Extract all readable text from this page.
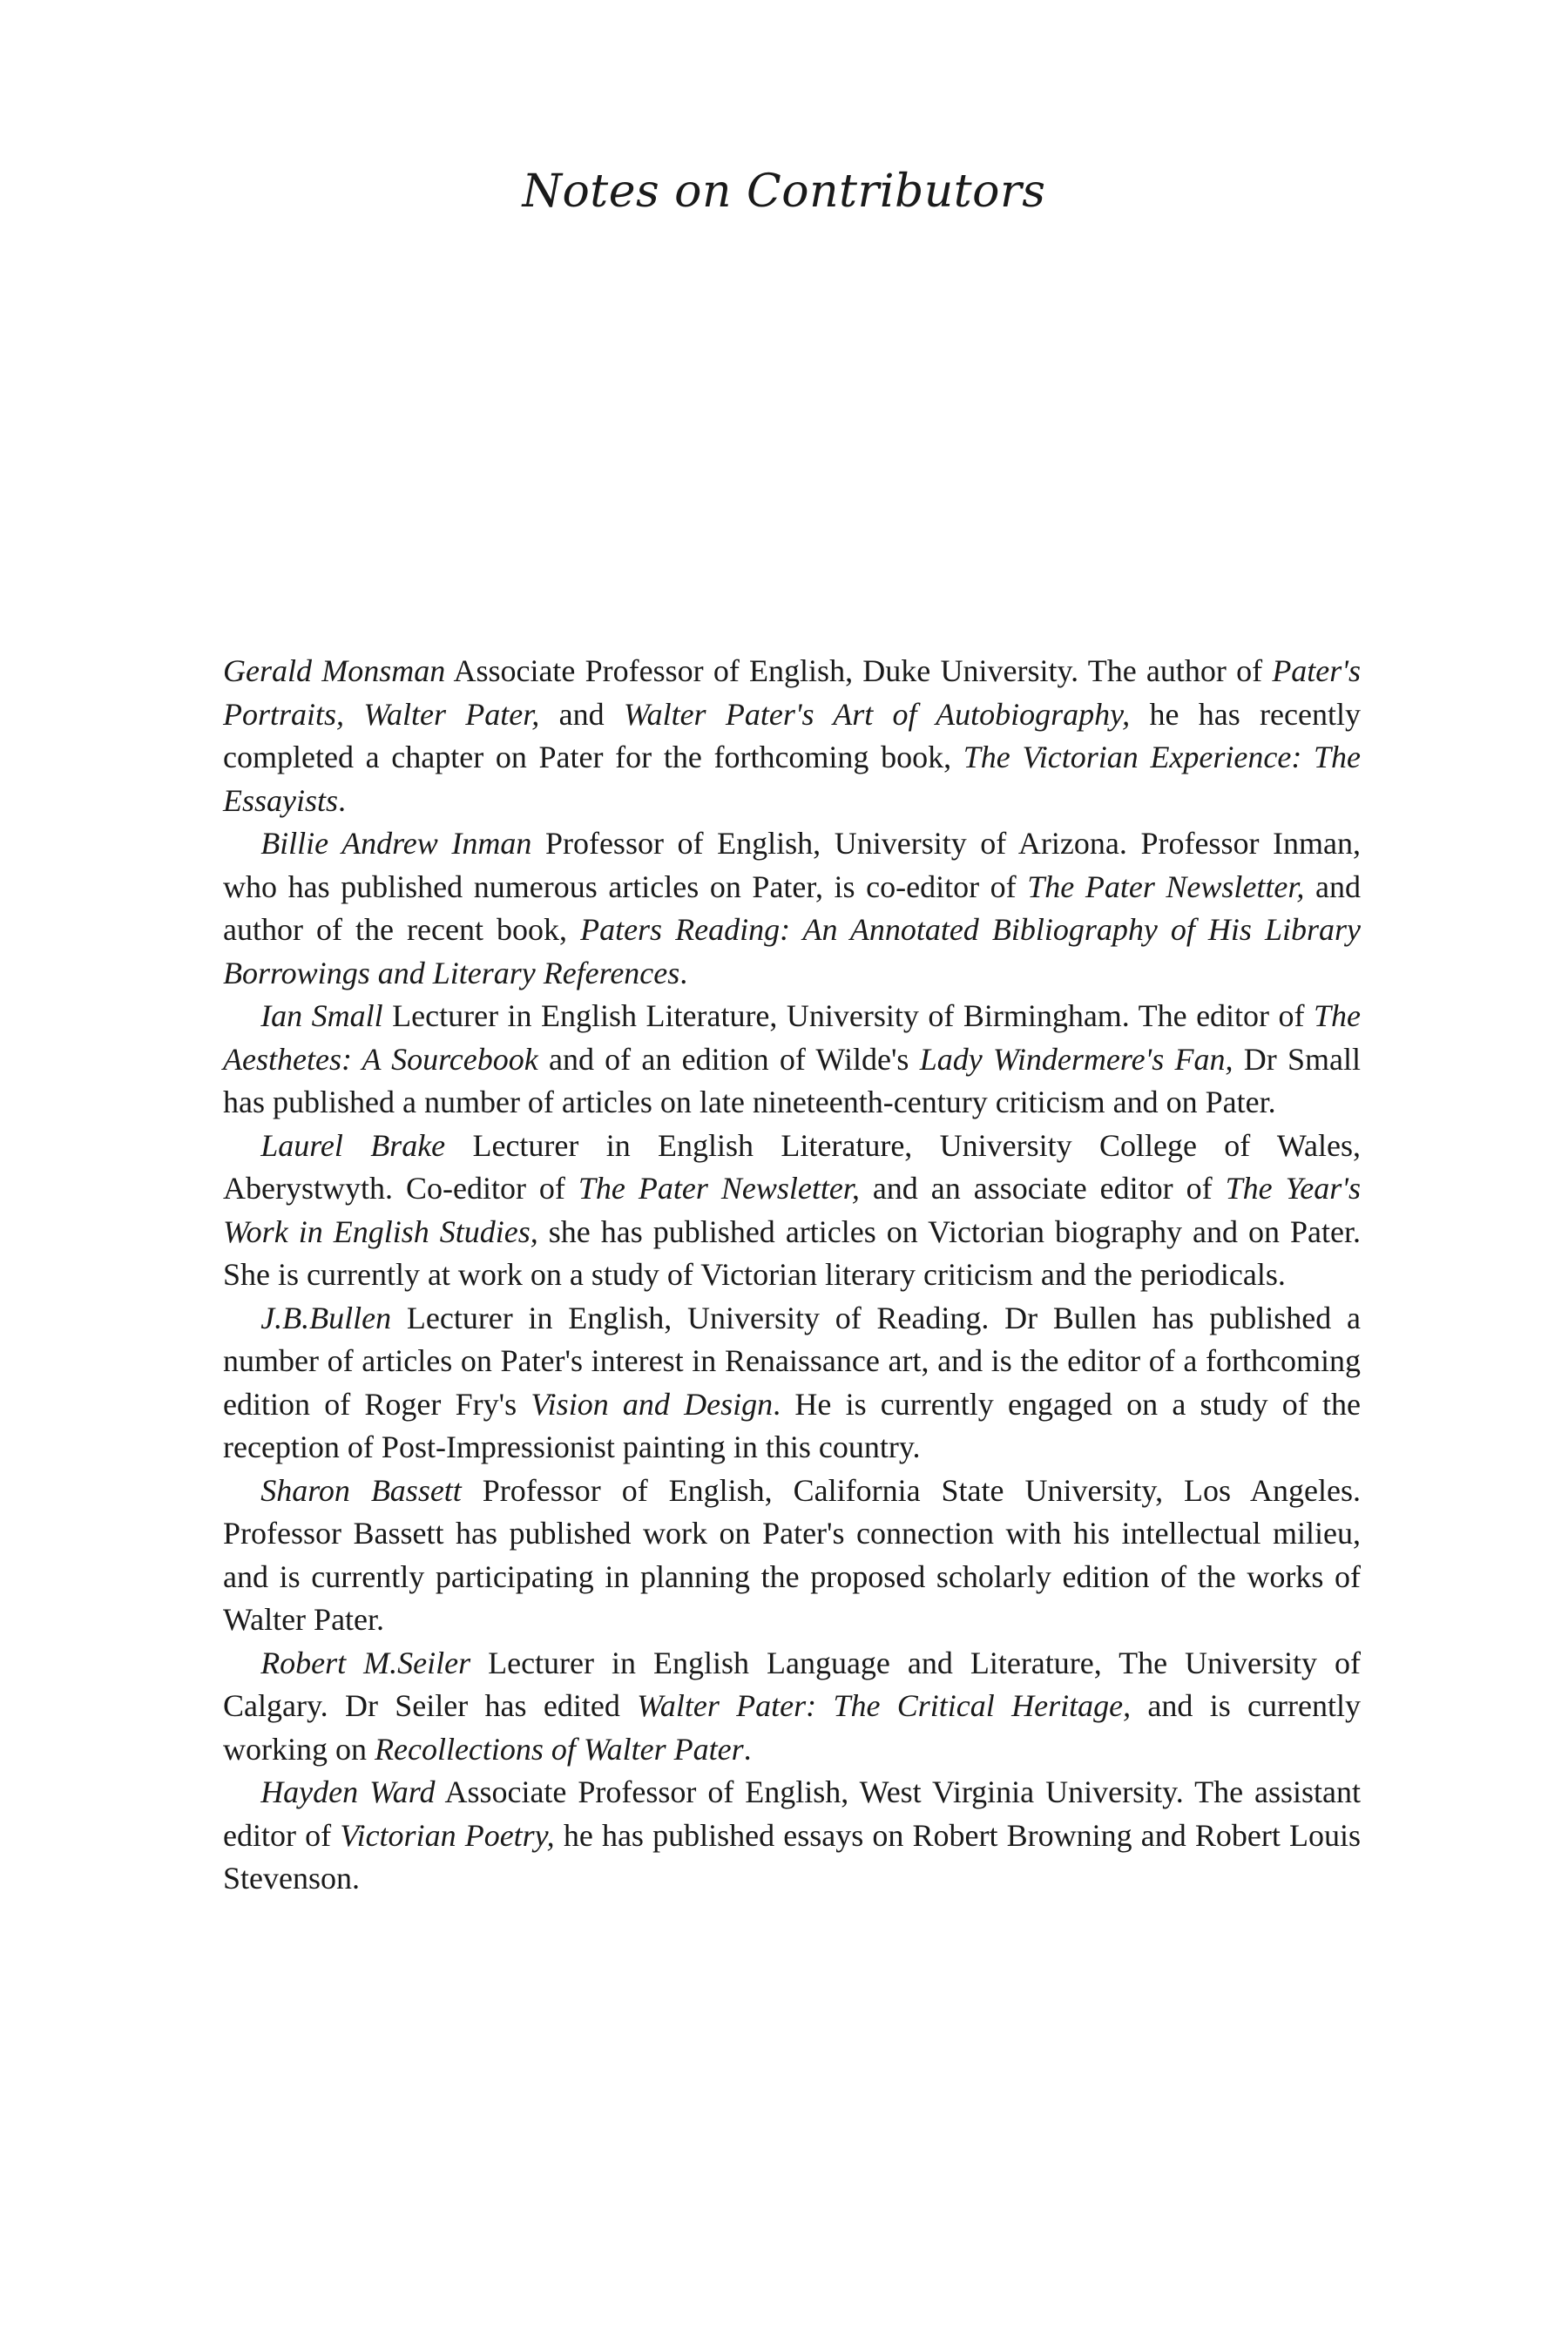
Notes on Contributors

Gerald Monsman Associate Professor of English, Duke University. The author of Pater's Portraits, Walter Pater, and Walter Pater's Art of Autobiography, he has recently completed a chapter on Pater for the forthcoming book, The Victorian Experience: The Essayists.

Billie Andrew Inman Professor of English, University of Arizona. Professor Inman, who has published numerous articles on Pater, is co-editor of The Pater Newsletter, and author of the recent book, Paters Reading: An Annotated Bibliography of His Library Borrowings and Literary References.

Ian Small Lecturer in English Literature, University of Birmingham. The editor of The Aesthetes: A Sourcebook and of an edition of Wilde's Lady Windermere's Fan, Dr Small has published a number of articles on late nineteenth-century criticism and on Pater.

Laurel Brake Lecturer in English Literature, University College of Wales, Aberystwyth. Co-editor of The Pater Newsletter, and an associate editor of The Year's Work in English Studies, she has published articles on Victorian biography and on Pater. She is currently at work on a study of Victorian literary criticism and the periodicals.

J.B.Bullen Lecturer in English, University of Reading. Dr Bullen has published a number of articles on Pater's interest in Renaissance art, and is the editor of a forthcoming edition of Roger Fry's Vision and Design. He is currently engaged on a study of the reception of Post-Impressionist painting in this country.

Sharon Bassett Professor of English, California State University, Los Angeles. Professor Bassett has published work on Pater's connection with his intellectual milieu, and is currently participating in planning the proposed scholarly edition of the works of Walter Pater.

Robert M.Seiler Lecturer in English Language and Literature, The University of Calgary. Dr Seiler has edited Walter Pater: The Critical Heritage, and is currently working on Recollections of Walter Pater.

Hayden Ward Associate Professor of English, West Virginia University. The assistant editor of Victorian Poetry, he has published essays on Robert Browning and Robert Louis Stevenson.
